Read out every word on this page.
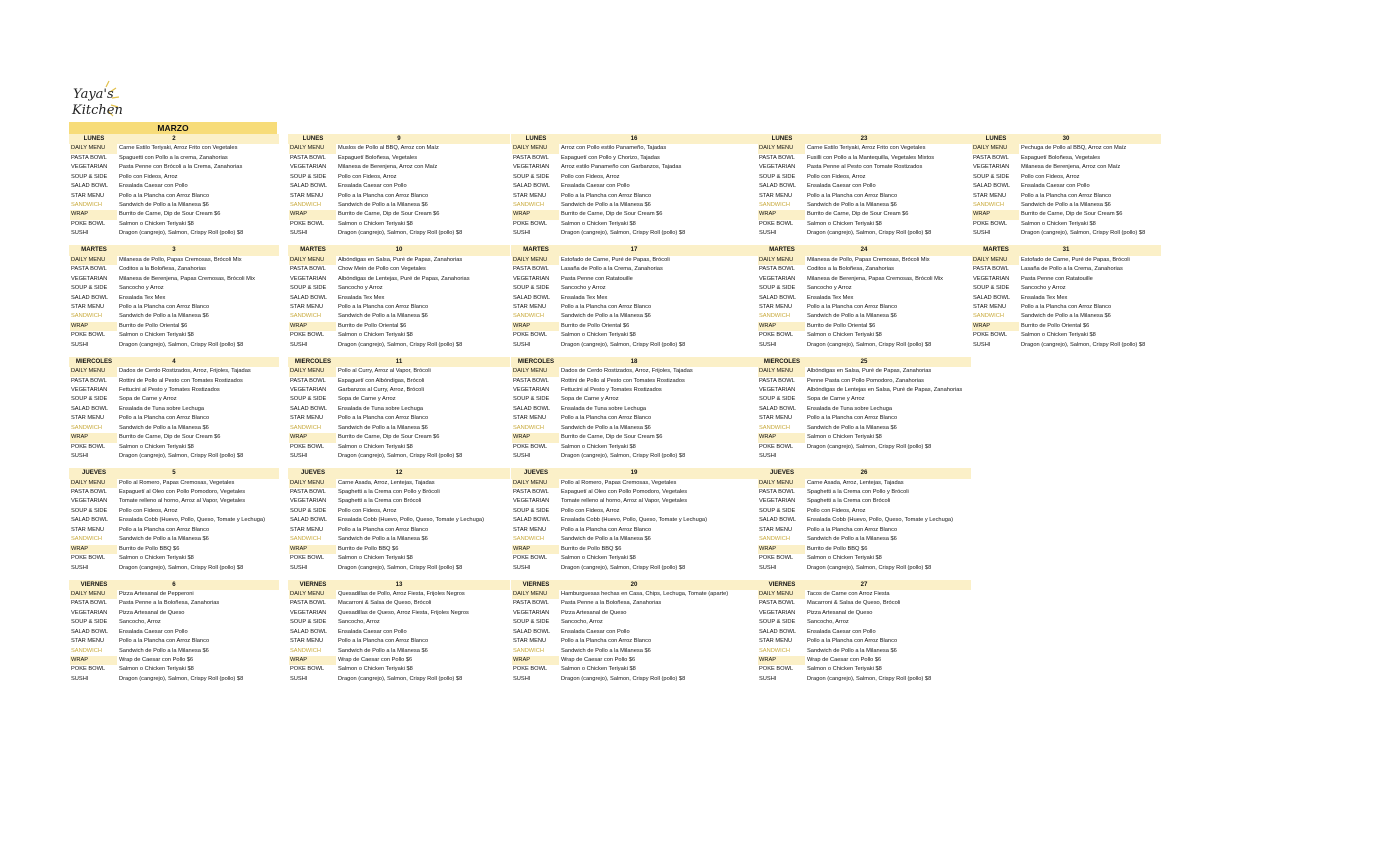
Yaya's
Kitchen
MARZO
LUNES	2
DAILY MENU	Carne Estilo Teriyaki, Arroz Frito con Vegetales
PASTA BOWL	Spaguetti con Pollo a la crema, Zanahorias
VEGETARIAN	Pasta Penne con Brócoli a la Crema, Zanahorias
SOUP & SIDE	Pollo con Fideos, Arroz
SALAD BOWL	Ensalada Caesar con Pollo
STAR MENU	Pollo a la Plancha con Arroz Blanco
SANDWICH	Sandwich de Pollo a la Milanesa $6
WRAP	Burrito de Carne, Dip de Sour Cream $6
POKE BOWL	Salmon o Chicken Teriyaki $8
SUSHI	Dragon (cangrejo), Salmon, Crispy Roll (pollo) $8
MARTES	3
DAILY MENU	Milanesa de Pollo, Papas Cremosas, Brócoli Mix
PASTA BOWL	Coditos a la Boloñesa, Zanahorias
VEGETARIAN	Milanesa de Berenjena, Papas Cremosas, Brócoli Mix
SOUP & SIDE	Sancocho y Arroz
SALAD BOWL	Ensalada Tex Mex
STAR MENU	Pollo a la Plancha con Arroz Blanco
SANDWICH	Sandwich de Pollo a la Milanesa $6
WRAP	Burrito de Pollo Oriental $6
POKE BOWL	Salmon o Chicken Teriyaki $8
SUSHI	Dragon (cangrejo), Salmon, Crispy Roll (pollo) $8
MIERCOLES	4
DAILY MENU	Dados de Cerdo Rostizados, Arroz, Frijoles, Tajadas
PASTA BOWL	Rottini de Pollo al Pesto con Tomates Rostizados
VEGETARIAN	Fettucini al Pesto y Tomates Rostizados
SOUP & SIDE	Sopa de Carne y Arroz
SALAD BOWL	Ensalada de Tuna sobre Lechuga
STAR MENU	Pollo a la Plancha con Arroz Blanco
SANDWICH	Sandwich de Pollo a la Milanesa $6
WRAP	Burrito de Carne, Dip de Sour Cream $6
POKE BOWL	Salmon o Chicken Teriyaki $8
SUSHI	Dragon (cangrejo), Salmon, Crispy Roll (pollo) $8
JUEVES	5
DAILY MENU	Pollo al Romero, Papas Cremosas, Vegetales
PASTA BOWL	Espaguetí al Oleo con Pollo Pomodoro, Vegetales
VEGETARIAN	Tomate relleno al horno, Arroz al Vapor, Vegetales
SOUP & SIDE	Pollo con Fideos, Arroz
SALAD BOWL	Ensalada Cobb (Huevo, Pollo, Queso, Tomate y Lechuga)
STAR MENU	Pollo a la Plancha con Arroz Blanco
SANDWICH	Sandwich de Pollo a la Milanesa $6
WRAP	Burrito de Pollo BBQ $6
POKE BOWL	Salmon o Chicken Teriyaki $8
SUSHI	Dragon (cangrejo), Salmon, Crispy Roll (pollo) $8
VIERNES	6
DAILY MENU	Pizza Artesanal de Pepperoni
PASTA BOWL	Pasta Penne a la Boloñesa, Zanahorias
VEGETARIAN	Pizza Artesanal de Queso
SOUP & SIDE	Sancocho, Arroz
SALAD BOWL	Ensalada Caesar con Pollo
STAR MENU	Pollo a la Plancha con Arroz Blanco
SANDWICH	Sandwich de Pollo a la Milanesa $6
WRAP	Wrap de Caesar con Pollo $6
POKE BOWL	Salmon o Chicken Teriyaki $8
SUSHI	Dragon (cangrejo), Salmon, Crispy Roll (pollo) $8
LUNES	9
DAILY MENU	Muslos de Pollo al BBQ, Arroz con Maíz
PASTA BOWL	Espaguetí Boloñesa, Vegetales
VEGETARIAN	Milanesa de Berenjena, Arroz con Maíz
SOUP & SIDE	Pollo con Fideos, Arroz
SALAD BOWL	Ensalada Caesar con Pollo
STAR MENU	Pollo a la Plancha con Arroz Blanco
SANDWICH	Sandwich de Pollo a la Milanesa $6
WRAP	Burrito de Carne, Dip de Sour Cream $6
POKE BOWL	Salmon o Chicken Teriyaki $8
SUSHI	Dragon (cangrejo), Salmon, Crispy Roll (pollo) $8
MARTES	10
DAILY MENU	Albóndigas en Salsa, Puré de Papas, Zanahorias
PASTA BOWL	Chow Mein de Pollo con Vegetales
VEGETARIAN	Albóndigas de Lentejas, Puré de Papas, Zanahorias
SOUP & SIDE	Sancocho y Arroz
SALAD BOWL	Ensalada Tex Mex
STAR MENU	Pollo a la Plancha con Arroz Blanco
SANDWICH	Sandwich de Pollo a la Milanesa $6
WRAP	Burrito de Pollo Oriental $6
POKE BOWL	Salmon o Chicken Teriyaki $8
SUSHI	Dragon (cangrejo), Salmon, Crispy Roll (pollo) $8
MIERCOLES	11
DAILY MENU	Pollo al Curry, Arroz al Vapor, Brócoli
PASTA BOWL	Espaguetí con Albóndigas, Brócoli
VEGETARIAN	Garbanzos al Curry, Arroz, Brócoli
SOUP & SIDE	Sopa de Carne y Arroz
SALAD BOWL	Ensalada de Tuna sobre Lechuga
STAR MENU	Pollo a la Plancha con Arroz Blanco
SANDWICH	Sandwich de Pollo a la Milanesa $6
WRAP	Burrito de Carne, Dip de Sour Cream $6
POKE BOWL	Salmon o Chicken Teriyaki $8
SUSHI	Dragon (cangrejo), Salmon, Crispy Roll (pollo) $8
JUEVES	12
DAILY MENU	Carne Asada, Arroz, Lentejas, Tajadas
PASTA BOWL	Spaghetti a la Crema con Pollo y Brócoli
VEGETARIAN	Spaghetti a la Crema con Brócoli
SOUP & SIDE	Pollo con Fideos, Arroz
SALAD BOWL	Ensalada Cobb (Huevo, Pollo, Queso, Tomate y Lechuga)
STAR MENU	Pollo a la Plancha con Arroz Blanco
SANDWICH	Sandwich de Pollo a la Milanesa $6
WRAP	Burrito de Pollo BBQ $6
POKE BOWL	Salmon o Chicken Teriyaki $8
SUSHI	Dragon (cangrejo), Salmon, Crispy Roll (pollo) $8
VIERNES	13
DAILY MENU	Quesadillas de Pollo, Arroz Fiesta, Frijoles Negros
PASTA BOWL	Macarroni & Salsa de Queso, Brócoli
VEGETARIAN	Quesadillas de Queso, Arroz Fiesta, Frijoles Negros
SOUP & SIDE	Sancocho, Arroz
SALAD BOWL	Ensalada Caesar con Pollo
STAR MENU	Pollo a la Plancha con Arroz Blanco
SANDWICH	Sandwich de Pollo a la Milanesa $6
WRAP	Wrap de Caesar con Pollo $6
POKE BOWL	Salmon o Chicken Teriyaki $8
SUSHI	Dragon (cangrejo), Salmon, Crispy Roll (pollo) $8
LUNES	16
DAILY MENU	Arroz con Pollo estilo Panameño, Tajadas
PASTA BOWL	Espaguetí con Pollo y Chorizo, Tajadas
VEGETARIAN	Arroz estilo Panameño con Garbanzos, Tajadas
SOUP & SIDE	Pollo con Fideos, Arroz
SALAD BOWL	Ensalada Caesar con Pollo
STAR MENU	Pollo a la Plancha con Arroz Blanco
SANDWICH	Sandwich de Pollo a la Milanesa $6
WRAP	Burrito de Carne, Dip de Sour Cream $6
POKE BOWL	Salmon o Chicken Teriyaki $8
SUSHI	Dragon (cangrejo), Salmon, Crispy Roll (pollo) $8
MARTES	17
DAILY MENU	Estofado de Carne, Puré de Papas, Brócoli
PASTA BOWL	Lasaña de Pollo a la Crema, Zanahorias
VEGETARIAN	Pasta Penne con Ratatouille
SOUP & SIDE	Sancocho y Arroz
SALAD BOWL	Ensalada Tex Mex
STAR MENU	Pollo a la Plancha con Arroz Blanco
SANDWICH	Sandwich de Pollo a la Milanesa $6
WRAP	Burrito de Pollo Oriental $6
POKE BOWL	Salmon o Chicken Teriyaki $8
SUSHI	Dragon (cangrejo), Salmon, Crispy Roll (pollo) $8
MIERCOLES	18
DAILY MENU	Dados de Cerdo Rostizados, Arroz, Frijoles, Tajadas
PASTA BOWL	Rottini de Pollo al Pesto con Tomates Rostizados
VEGETARIAN	Fettucini al Pesto y Tomates Rostizados
SOUP & SIDE	Sopa de Carne y Arroz
SALAD BOWL	Ensalada de Tuna sobre Lechuga
STAR MENU	Pollo a la Plancha con Arroz Blanco
SANDWICH	Sandwich de Pollo a la Milanesa $6
WRAP	Burrito de Carne, Dip de Sour Cream $6
POKE BOWL	Salmon o Chicken Teriyaki $8
SUSHI	Dragon (cangrejo), Salmon, Crispy Roll (pollo) $8
JUEVES	19
DAILY MENU	Pollo al Romero, Papas Cremosas, Vegetales
PASTA BOWL	Espaguetí al Oleo con Pollo Pomodoro, Vegetales
VEGETARIAN	Tomate relleno al horno, Arroz al Vapor, Vegetales
SOUP & SIDE	Pollo con Fideos, Arroz
SALAD BOWL	Ensalada Cobb (Huevo, Pollo, Queso, Tomate y Lechuga)
STAR MENU	Pollo a la Plancha con Arroz Blanco
SANDWICH	Sandwich de Pollo a la Milanesa $6
WRAP	Burrito de Pollo BBQ $6
POKE BOWL	Salmon o Chicken Teriyaki $8
SUSHI	Dragon (cangrejo), Salmon, Crispy Roll (pollo) $8
VIERNES	20
DAILY MENU	Hamburguesas hechas en Casa, Chips, Lechuga, Tomate (aparte)
PASTA BOWL	Pasta Penne a la Boloñesa, Zanahorias
VEGETARIAN	Pizza Artesanal de Queso
SOUP & SIDE	Sancocho, Arroz
SALAD BOWL	Ensalada Caesar con Pollo
STAR MENU	Pollo a la Plancha con Arroz Blanco
SANDWICH	Sandwich de Pollo a la Milanesa $6
WRAP	Wrap de Caesar con Pollo $6
POKE BOWL	Salmon o Chicken Teriyaki $8
SUSHI	Dragon (cangrejo), Salmon, Crispy Roll (pollo) $8
LUNES	23
DAILY MENU	Carne Estilo Teriyaki, Arroz Frito con Vegetales
PASTA BOWL	Fusilli con Pollo a la Mantequilla, Vegetales Mixtos
VEGETARIAN	Pasta Penne al Pesto con Tomate Rostizados
SOUP & SIDE	Pollo con Fideos, Arroz
SALAD BOWL	Ensalada Caesar con Pollo
STAR MENU	Pollo a la Plancha con Arroz Blanco
SANDWICH	Sandwich de Pollo a la Milanesa $6
WRAP	Burrito de Carne, Dip de Sour Cream $6
POKE BOWL	Salmon o Chicken Teriyaki $8
SUSHI	Dragon (cangrejo), Salmon, Crispy Roll (pollo) $8
MARTES	24
DAILY MENU	Milanesa de Pollo, Papas Cremosas, Brócoli Mix
PASTA BOWL	Coditos a la Boloñesa, Zanahorias
VEGETARIAN	Milanesa de Berenjena, Papas Cremosas, Brócoli Mix
SOUP & SIDE	Sancocho y Arroz
SALAD BOWL	Ensalada Tex Mex
STAR MENU	Pollo a la Plancha con Arroz Blanco
SANDWICH	Sandwich de Pollo a la Milanesa $6
WRAP	Burrito de Pollo Oriental $6
POKE BOWL	Salmon o Chicken Teriyaki $8
SUSHI	Dragon (cangrejo), Salmon, Crispy Roll (pollo) $8
MIERCOLES	25
DAILY MENU	Albóndigas en Salsa, Puré de Papas, Zanahorias
PASTA BOWL	Penne Pasta con Pollo Pomodoro, Zanahorias
VEGETARIAN	Albóndigas de Lentejas en Salsa, Puré de Papas, Zanahorias
SOUP & SIDE	Sopa de Carne y Arroz
SALAD BOWL	Ensalada de Tuna sobre Lechuga
STAR MENU	Pollo a la Plancha con Arroz Blanco
SANDWICH	Sandwich de Pollo a la Milanesa $6
WRAP	Salmon o Chicken Teriyaki $8
POKE BOWL	Dragon (cangrejo), Salmon, Crispy Roll (pollo) $8
SUSHI
JUEVES	26
DAILY MENU	Carne Asada, Arroz, Lentejas, Tajadas
PASTA BOWL	Spaghetti a la Crema con Pollo y Brócoli
VEGETARIAN	Spaghetti a la Crema con Brócoli
SOUP & SIDE	Pollo con Fideos, Arroz
SALAD BOWL	Ensalada Cobb (Huevo, Pollo, Queso, Tomate y Lechuga)
STAR MENU	Pollo a la Plancha con Arroz Blanco
SANDWICH	Sandwich de Pollo a la Milanesa $6
WRAP	Burrito de Pollo BBQ $6
POKE BOWL	Salmon o Chicken Teriyaki $8
SUSHI	Dragon (cangrejo), Salmon, Crispy Roll (pollo) $8
VIERNES	27
DAILY MENU	Tacos de Carne con Arroz Fiesta
PASTA BOWL	Macarroni & Salsa de Queso, Brócoli
VEGETARIAN	Pizza Artesanal de Queso
SOUP & SIDE	Sancocho, Arroz
SALAD BOWL	Ensalada Caesar con Pollo
STAR MENU	Pollo a la Plancha con Arroz Blanco
SANDWICH	Sandwich de Pollo a la Milanesa $6
WRAP	Wrap de Caesar con Pollo $6
POKE BOWL	Salmon o Chicken Teriyaki $8
SUSHI	Dragon (cangrejo), Salmon, Crispy Roll (pollo) $8
LUNES	30
DAILY MENU	Pechuga de Pollo al BBQ, Arroz con Maíz
PASTA BOWL	Espaguetí Boloñesa, Vegetales
VEGETARIAN	Milanesa de Berenjena, Arroz con Maíz
SOUP & SIDE	Pollo con Fideos, Arroz
SALAD BOWL	Ensalada Caesar con Pollo
STAR MENU	Pollo a la Plancha con Arroz Blanco
SANDWICH	Sandwich de Pollo a la Milanesa $6
WRAP	Burrito de Carne, Dip de Sour Cream $6
POKE BOWL	Salmon o Chicken Teriyaki $8
SUSHI	Dragon (cangrejo), Salmon, Crispy Roll (pollo) $8
MARTES	31
DAILY MENU	Estofado de Carne, Puré de Papas, Brócoli
PASTA BOWL	Lasaña de Pollo a la Crema, Zanahorias
VEGETARIAN	Pasta Penne con Ratatouille
SOUP & SIDE	Sancocho y Arroz
SALAD BOWL	Ensalada Tex Mex
STAR MENU	Pollo a la Plancha con Arroz Blanco
SANDWICH	Sandwich de Pollo a la Milanesa $6
WRAP	Burrito de Pollo Oriental $6
POKE BOWL	Salmon o Chicken Teriyaki $8
SUSHI	Dragon (cangrejo), Salmon, Crispy Roll (pollo) $8
